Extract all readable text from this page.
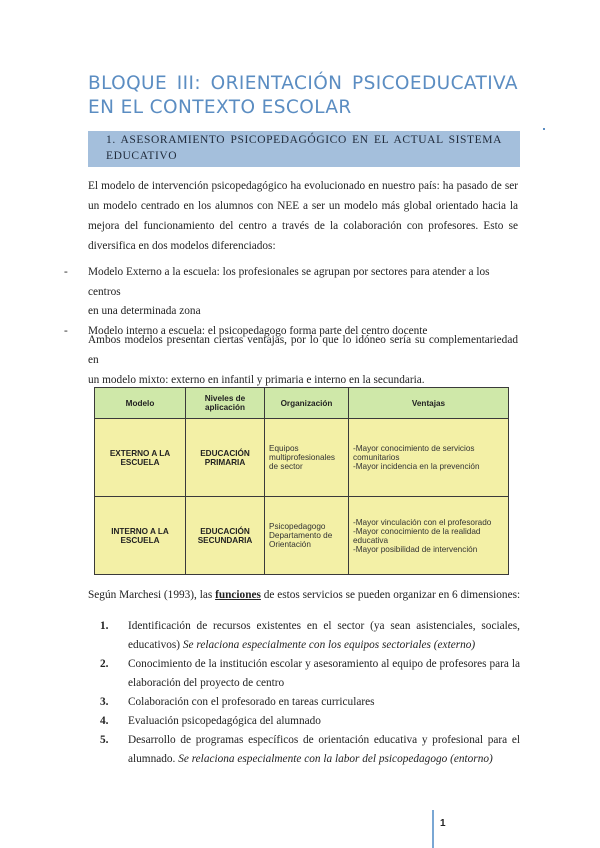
BLOQUE III: ORIENTACIÓN PSICOEDUCATIVA
EN EL CONTEXTO ESCOLAR
1. ASESORAMIENTO PSICOPEDAGÓGICO EN EL ACTUAL SISTEMA
EDUCATIVO
El modelo de intervención psicopedagógico ha evolucionado en nuestro país: ha pasado de ser
un modelo centrado en los alumnos con NEE a ser un modelo más global orientado hacia la
mejora del funcionamiento del centro a través de la colaboración con profesores. Esto se
diversifica en dos modelos diferenciados:
- Modelo Externo a la escuela: los profesionales se agrupan por sectores para atender a los centros
en una determinada zona
- Modelo interno a escuela: el psicopedagogo forma parte del centro docente
Ambos modelos presentan ciertas ventajas, por lo que lo idóneo sería su complementariedad en
un modelo mixto: externo en infantil y primaria e interno en la secundaria.
Modelo	Niveles de aplicación	Organización	Ventajas
EXTERNO A LA ESCUELA	EDUCACIÓN PRIMARIA	Equipos multiprofesionales de sector	-Mayor conocimiento de servicios comunitarios
-Mayor incidencia en la prevención

INTERNO A LA ESCUELA	EDUCACIÓN SECUNDARIA	Psicopedagogo Departamento de Orientación	-Mayor vinculación con el profesorado
-Mayor conocimiento de la realidad educativa
-Mayor posibilidad de intervención
Según Marchesi (1993), las funciones de estos servicios se pueden organizar en 6 dimensiones:
1. Identificación de recursos existentes en el sector (ya sean asistenciales, sociales,
educativos) Se relaciona especialmente con los equipos sectoriales (externo)
2. Conocimiento de la institución escolar y asesoramiento al equipo de profesores para la
elaboración del proyecto de centro
3. Colaboración con el profesorado en tareas curriculares
4. Evaluación psicopedagógica del alumnado
5. Desarrollo de programas específicos de orientación educativa y profesional para el
alumnado. Se relaciona especialmente con la labor del psicopedagogo (entorno)
1
